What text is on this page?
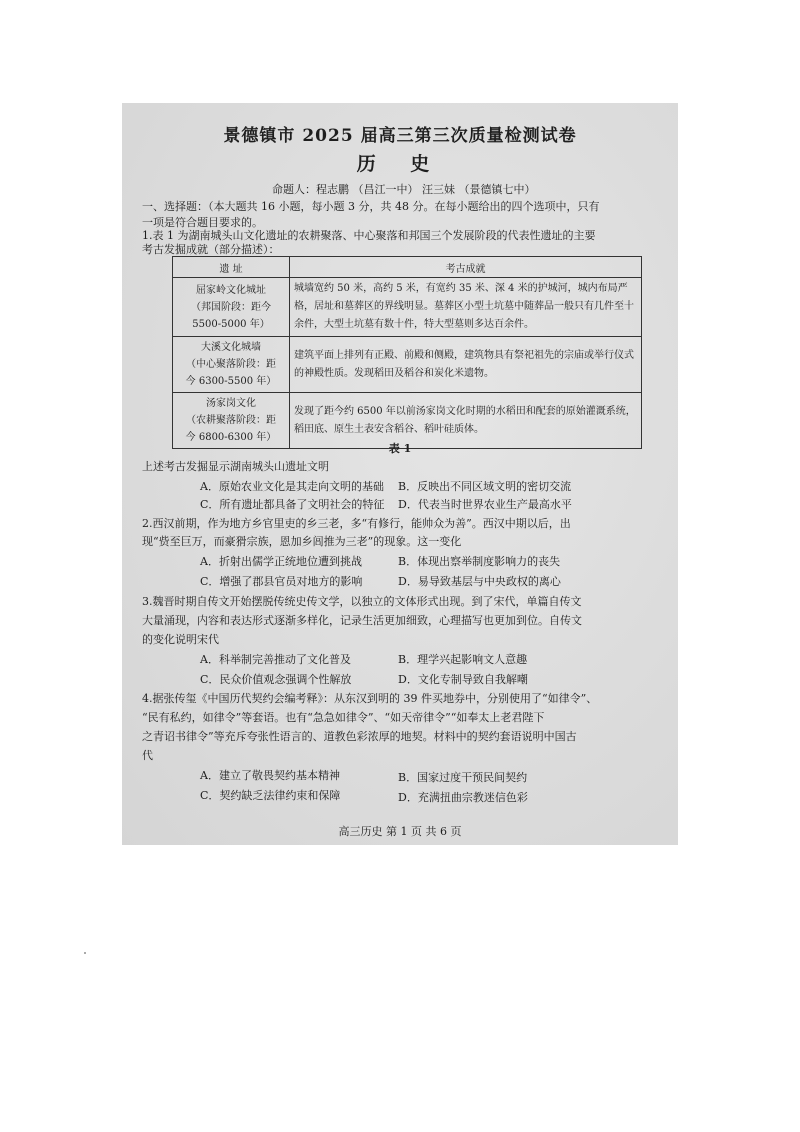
景德镇市 2025 届高三第三次质量检测试卷
历 史
命题人：程志鹏 （昌江一中） 汪三妹 （景德镇七中）
一、选择题：（本大题共 16 小题，每小题 3 分，共 48 分。在每小题给出的四个选项中，只有
一项是符合题目要求的。
1.表 1 为湖南城头山文化遗址的农耕聚落、中心聚落和邦国三个发展阶段的代表性遗址的主要
考古发掘成就（部分描述）：
遗 址	考古成就

屈家岭文化城址
（邦国阶段：距今
5500-5000 年）	城墙宽约 50 米，高约 5 米，有宽约 35 米、深 4 米的护城河，城内布局严格，居址和墓葬区的界线明显。墓葬区小型土坑墓中随葬品一般只有几件至十余件，大型土坑墓有数十件，特大型墓则多达百余件。

大溪文化城墙
（中心聚落阶段：距
今 6300-5500 年）	建筑平面上排列有正殿、前殿和侧殿，建筑物具有祭祀祖先的宗庙或举行仪式的神殿性质。发现稻田及稻谷和炭化米遗物。

汤家岗文化
（农耕聚落阶段：距
今 6800-6300 年）	发现了距今约 6500 年以前汤家岗文化时期的水稻田和配套的原始灌溉系统，稻田底、原生土表安含稻谷、稻叶硅质体。
表 1
上述考古发掘显示湖南城头山遗址文明
A．原始农业文化是其走向文明的基础 B．反映出不同区域文明的密切交流
C．所有遗址都具备了文明社会的特征 D．代表当时世界农业生产最高水平
2.西汉前期，作为地方乡官里吏的乡三老，多“有修行，能帅众为善”。西汉中期以后，出
现“赀至巨万，而豪猾宗族，恩加乡闾推为三老”的现象。这一变化
A．折射出儒学正统地位遭到挑战	B．体现出察举制度影响力的丧失
C．增强了郡县官员对地方的影响	D．易导致基层与中央政权的离心
3.魏晋时期自传文开始摆脱传统史传文学，以独立的文体形式出现。到了宋代，单篇自传文
大量涌现，内容和表达形式逐渐多样化，记录生活更加细致，心理描写也更加到位。自传文
的变化说明宋代
A．科举制完善推动了文化普及	B．理学兴起影响文人意趣
C．民众价值观念强调个性解放	D．文化专制导致自我解嘲
4.据张传玺《中国历代契约会编考释》：从东汉到明的 39 件买地券中，分别使用了“如律令”、
“民有私约，如律令”等套语。也有“急急如律令”、“如天帝律令”“如奉太上老君陛下
之青诏书律令”等充斥夸张性语言的、道教色彩浓厚的地契。材料中的契约套语说明中国古
代
A．建立了敬畏契约基本精神	B．国家过度干预民间契约
C．契约缺乏法律约束和保障	D．充满扭曲宗教迷信色彩
高三历史 第 1 页 共 6 页
